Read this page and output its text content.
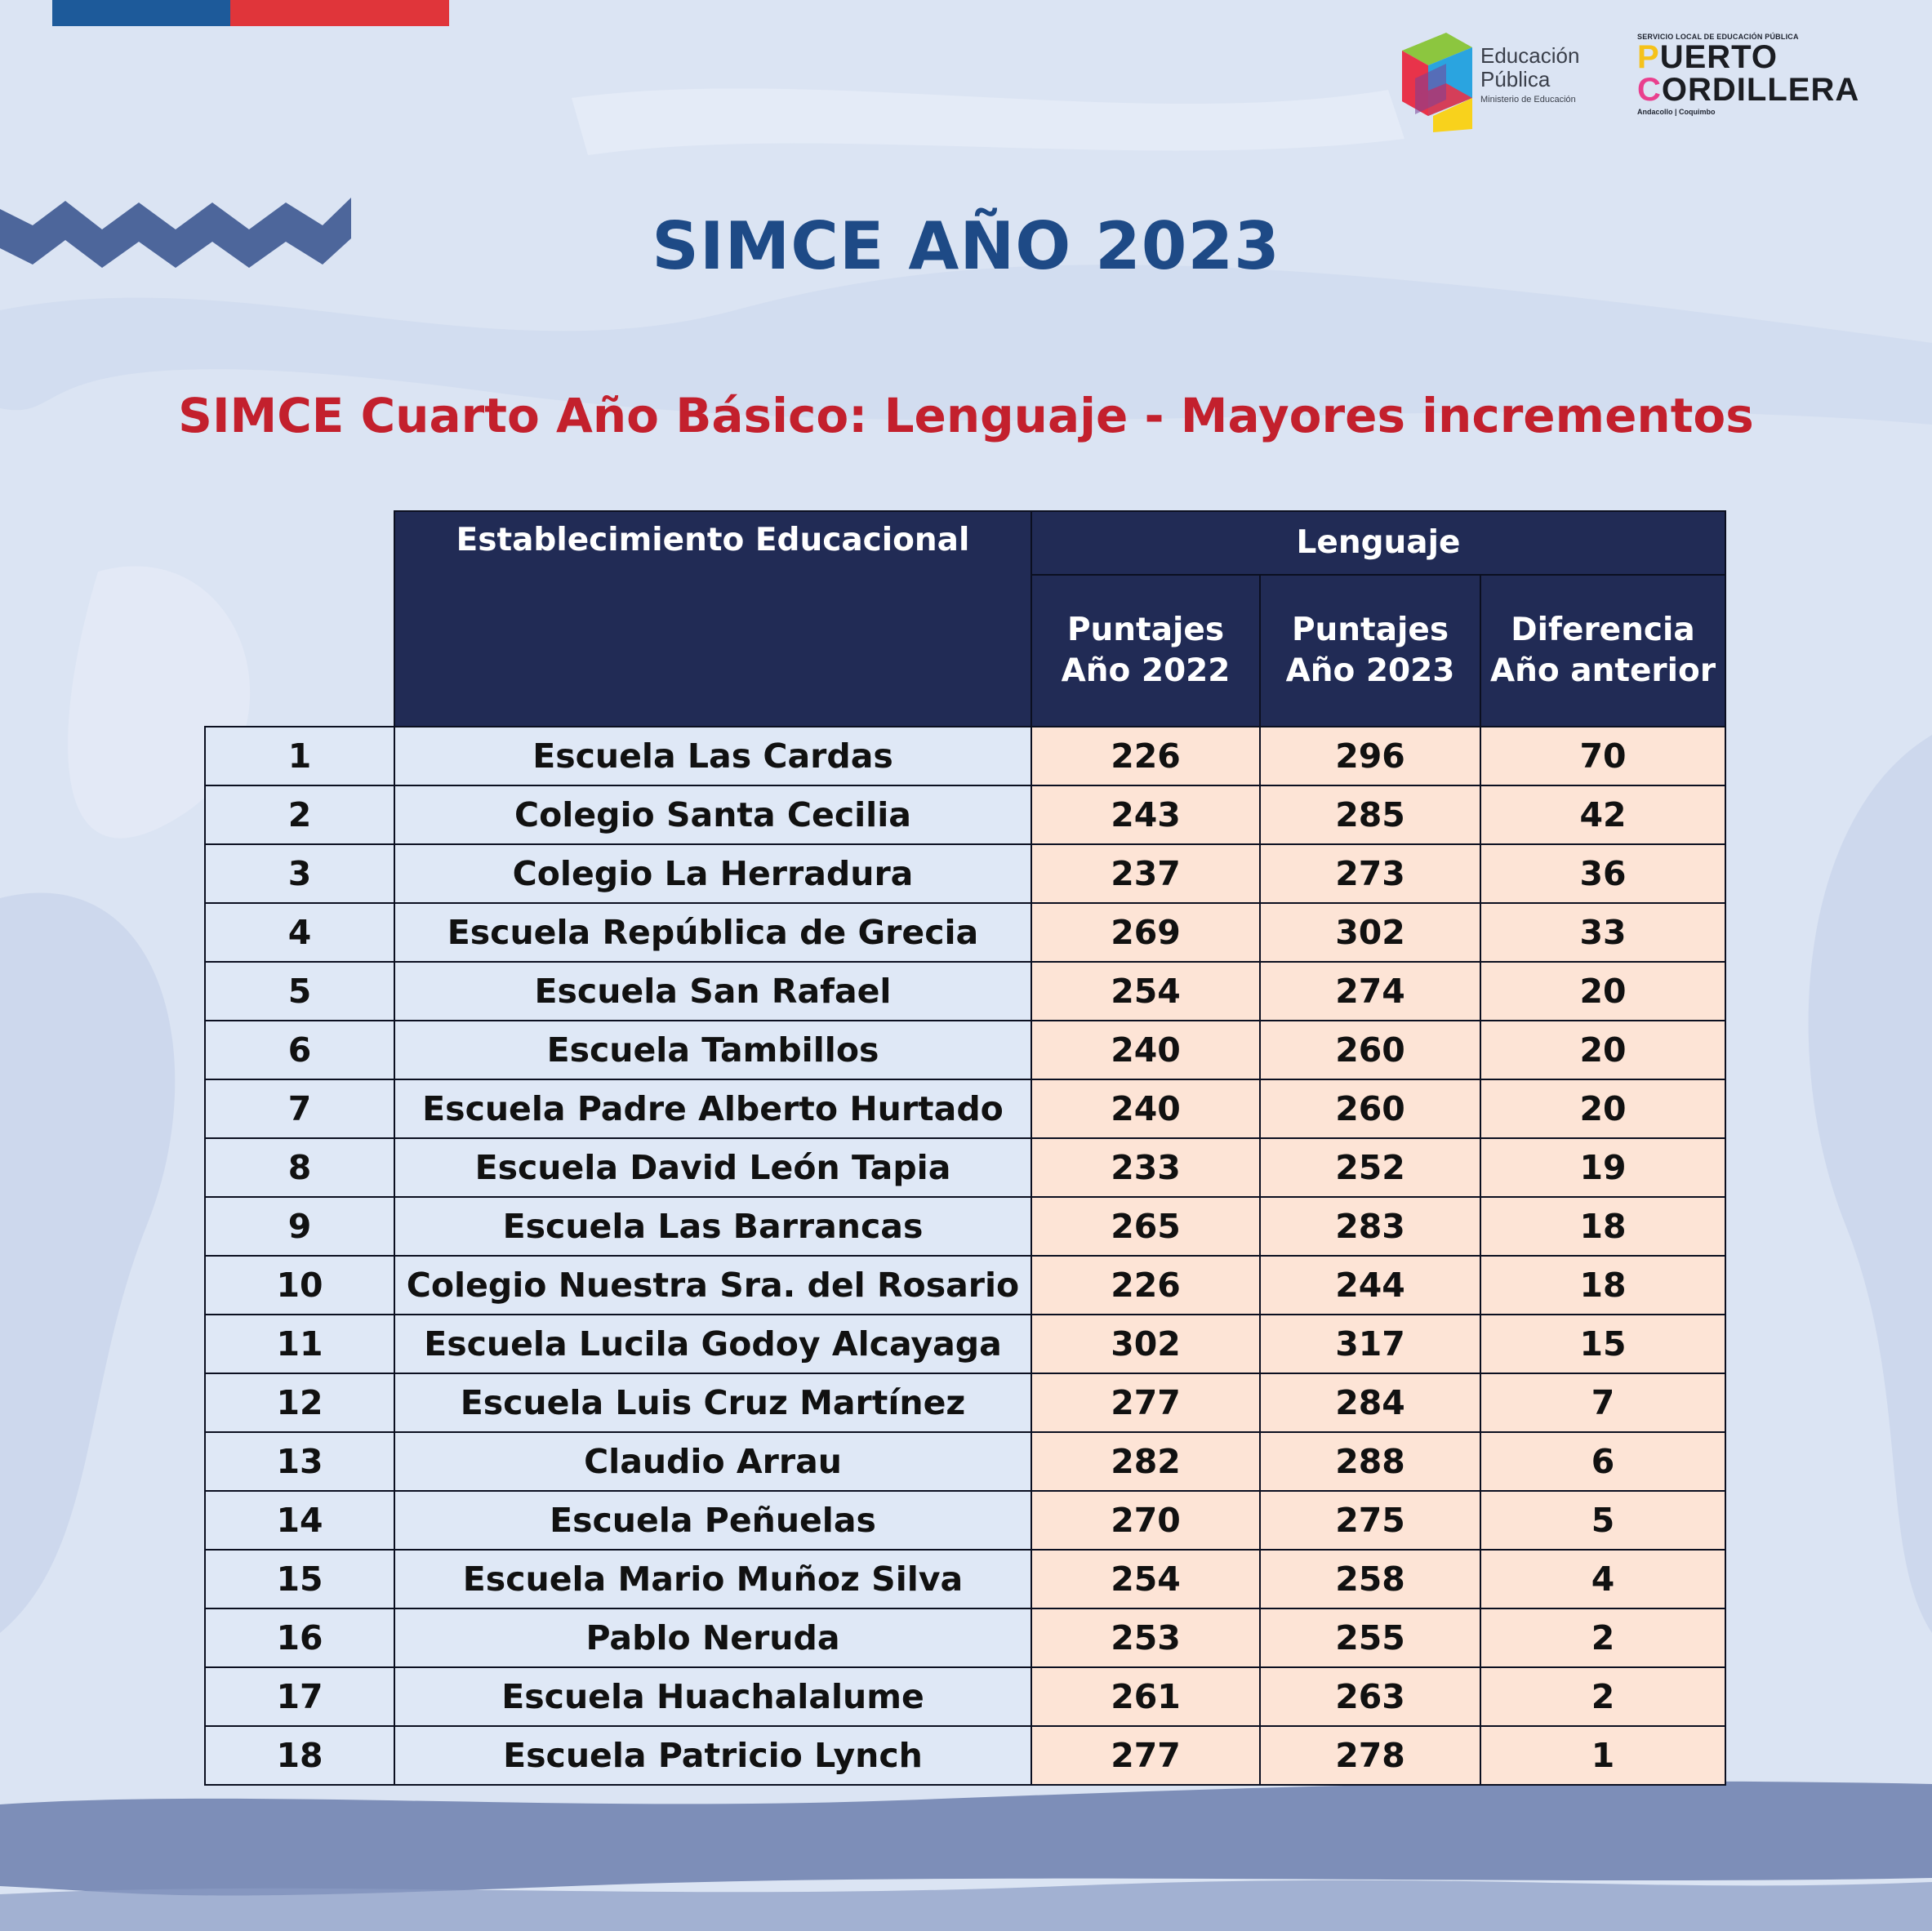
Educación
Pública
Ministerio de Educación
SERVICIO LOCAL DE EDUCACIÓN PÚBLICA
PUERTO
CORDILLERA
Andacollo | Coquimbo
SIMCE AÑO 2023
SIMCE Cuarto Año Básico: Lenguaje - Mayores incrementos
	Establecimiento Educacional	Lenguaje		

		Puntajes
Año 2022	Puntajes
Año 2023	Diferencia
Año anterior

1	Escuela Las Cardas	226	296	70
2	Colegio Santa Cecilia	243	285	42
3	Colegio La Herradura	237	273	36
4	Escuela República de Grecia	269	302	33
5	Escuela San Rafael	254	274	20
6	Escuela Tambillos	240	260	20
7	Escuela Padre Alberto Hurtado	240	260	20
8	Escuela David León Tapia	233	252	19
9	Escuela Las Barrancas	265	283	18
10	Colegio Nuestra Sra. del Rosario	226	244	18
11	Escuela Lucila Godoy Alcayaga	302	317	15
12	Escuela Luis Cruz Martínez	277	284	7
13	Claudio Arrau	282	288	6
14	Escuela Peñuelas	270	275	5
15	Escuela Mario Muñoz Silva	254	258	4
16	Pablo Neruda	253	255	2
17	Escuela Huachalalume	261	263	2
18	Escuela Patricio Lynch	277	278	1
